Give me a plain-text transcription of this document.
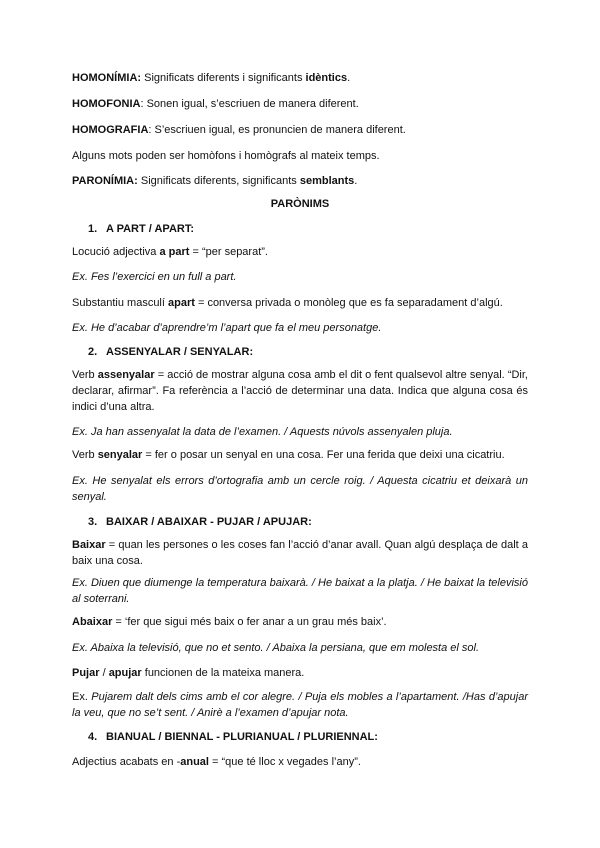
HOMONÍMIA: Significats diferents i significants idèntics.

HOMOFONIA: Sonen igual, s’escriuen de manera diferent.

HOMOGRAFIA: S’escriuen igual, es pronuncien de manera diferent.

Alguns mots poden ser homòfons i homògrafs al mateix temps.

PARONÍMIA: Significats diferents, significants semblants.

PARÒNIMS

1. A PART / APART:

Locució adjectiva a part = “per separat”.

Ex. Fes l’exercici en un full a part.

Substantiu masculí apart = conversa privada o monòleg que es fa separadament d’algú.

Ex. He d’acabar d’aprendre’m l’apart que fa el meu personatge.

2. ASSENYALAR / SENYALAR:

Verb assenyalar = acció de mostrar alguna cosa amb el dit o fent qualsevol altre senyal. “Dir, declarar, afirmar”. Fa referència a l’acció de determinar una data. Indica que alguna cosa és indici d’una altra.

Ex. Ja han assenyalat la data de l’examen. / Aquests núvols assenyalen pluja.

Verb senyalar = fer o posar un senyal en una cosa. Fer una ferida que deixi una cicatriu.

Ex. He senyalat els errors d’ortografia amb un cercle roig. / Aquesta cicatriu et deixarà un senyal.

3. BAIXAR / ABAIXAR - PUJAR / APUJAR:

Baixar = quan les persones o les coses fan l’acció d’anar avall. Quan algú desplaça de dalt a baix una cosa.

Ex. Diuen que diumenge la temperatura baixarà. / He baixat a la platja. / He baixat la televisió al soterrani.

Abaixar = ‘fer que sigui més baix o fer anar a un grau més baix’.

Ex. Abaixa la televisió, que no et sento. / Abaixa la persiana, que em molesta el sol.

Pujar / apujar funcionen de la mateixa manera.

Ex. Pujarem dalt dels cims amb el cor alegre. / Puja els mobles a l’apartament. /Has d’apujar la veu, que no se’t sent. / Anirè a l’examen d’apujar nota.

4. BIANUAL / BIENNAL - PLURIANUAL / PLURIENNAL:

Adjectius acabats en -anual = “que té lloc x vegades l’any”.
